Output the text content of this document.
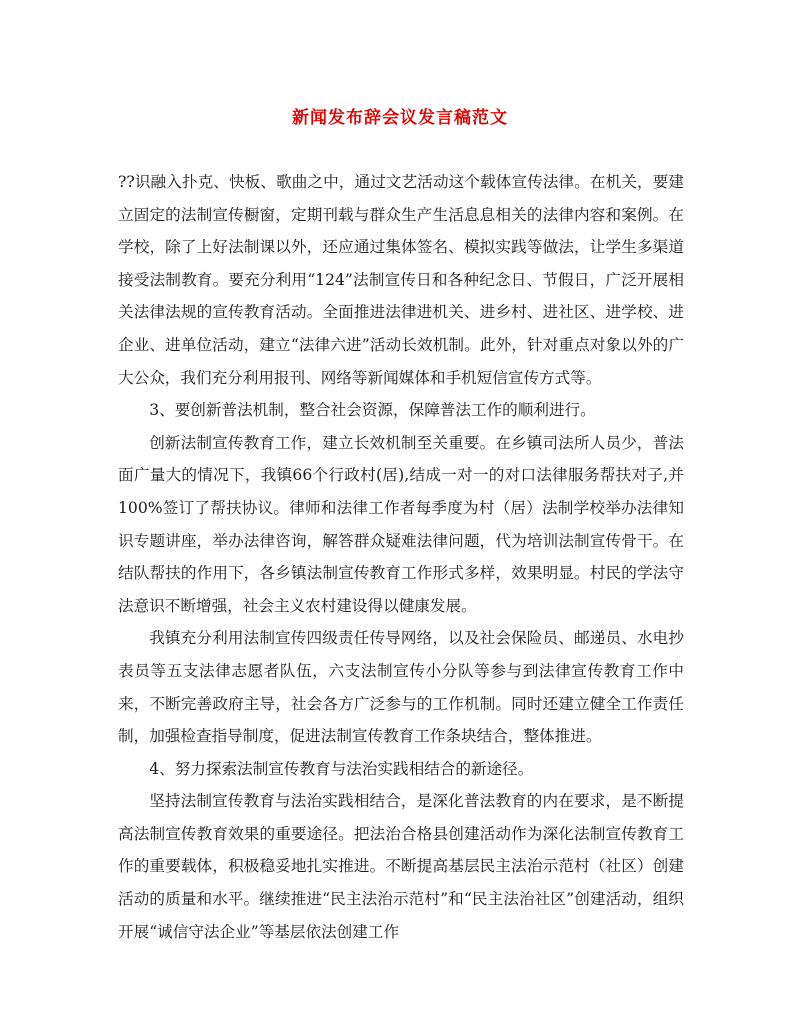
新闻发布辞会议发言稿范文

??识融入扑克、快板、歌曲之中，通过文艺活动这个载体宣传法律。在机关，要建立固定的法制宣传橱窗，定期刊载与群众生产生活息息相关的法律内容和案例。在学校，除了上好法制课以外，还应通过集体签名、模拟实践等做法，让学生多渠道接受法制教育。要充分利用“124”法制宣传日和各种纪念日、节假日，广泛开展相关法律法规的宣传教育活动。全面推进法律进机关、进乡村、进社区、进学校、进企业、进单位活动，建立“法律六进”活动长效机制。此外，针对重点对象以外的广大公众，我们充分利用报刊、网络等新闻媒体和手机短信宣传方式等。

3、要创新普法机制，整合社会资源，保障普法工作的顺利进行。

创新法制宣传教育工作，建立长效机制至关重要。在乡镇司法所人员少，普法面广量大的情况下，我镇66个行政村(居),结成一对一的对口法律服务帮扶对子,并100%签订了帮扶协议。律师和法律工作者每季度为村（居）法制学校举办法律知识专题讲座，举办法律咨询，解答群众疑难法律问题，代为培训法制宣传骨干。在结队帮扶的作用下，各乡镇法制宣传教育工作形式多样，效果明显。村民的学法守法意识不断增强，社会主义农村建设得以健康发展。

我镇充分利用法制宣传四级责任传导网络，以及社会保险员、邮递员、水电抄表员等五支法律志愿者队伍，六支法制宣传小分队等参与到法律宣传教育工作中来，不断完善政府主导，社会各方广泛参与的工作机制。同时还建立健全工作责任制，加强检查指导制度，促进法制宣传教育工作条块结合，整体推进。

4、努力探索法制宣传教育与法治实践相结合的新途径。

坚持法制宣传教育与法治实践相结合，是深化普法教育的内在要求，是不断提高法制宣传教育效果的重要途径。把法治合格县创建活动作为深化法制宣传教育工作的重要载体，积极稳妥地扎实推进。不断提高基层民主法治示范村（社区）创建活动的质量和水平。继续推进“民主法治示范村”和“民主法治社区”创建活动，组织开展“诚信守法企业”等基层依法创建工作
